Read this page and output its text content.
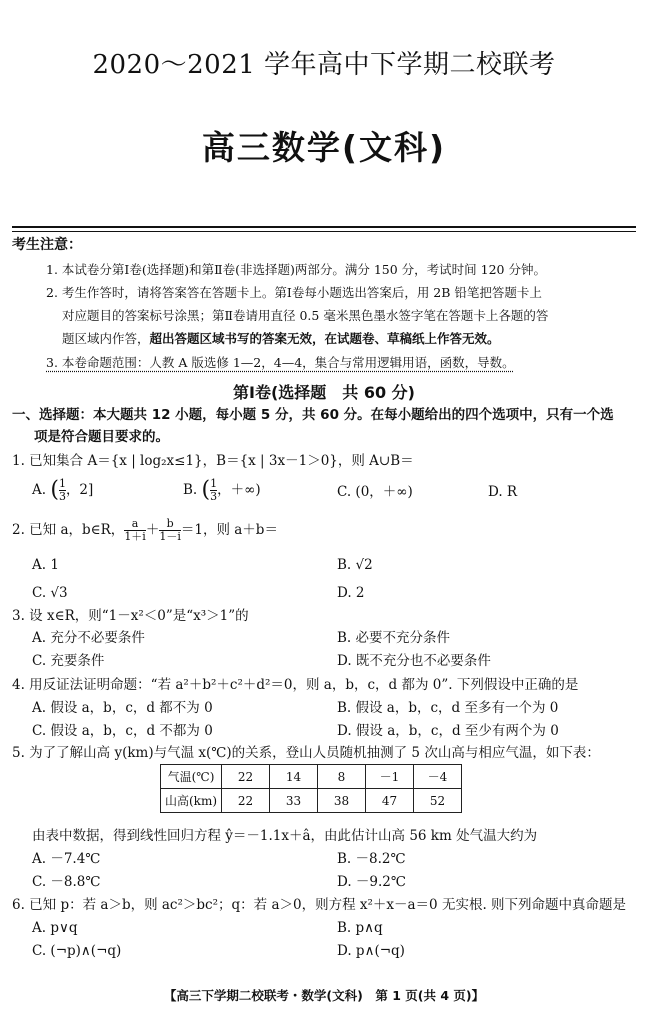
2020～2021 学年高中下学期二校联考
高三数学(文科)
考生注意：
1. 本试卷分第Ⅰ卷(选择题)和第Ⅱ卷(非选择题)两部分。满分 150 分，考试时间 120 分钟。
2. 考生作答时，请将答案答在答题卡上。第Ⅰ卷每小题选出答案后，用 2B 铅笔把答题卡上
对应题目的答案标号涂黑；第Ⅱ卷请用直径 0.5 毫米黑色墨水签字笔在答题卡上各题的答
题区域内作答，超出答题区域书写的答案无效，在试题卷、草稿纸上作答无效。
3. 本卷命题范围：人教 A 版选修 1—2，4—4，集合与常用逻辑用语，函数，导数。
第Ⅰ卷(选择题　共 60 分)
一、选择题：本大题共 12 小题，每小题 5 分，共 60 分。在每小题给出的四个选项中，只有一个选
项是符合题目要求的。
1. 已知集合 A＝{x | log₂x≤1}，B＝{x | 3x－1＞0}，则 A∪B＝
A. ( $\frac{1}{3}$ ，2]	B. ( $\frac{1}{3}$ ，＋∞)	C. (0，＋∞)	D. R
2. 已知 a，b∈R， $\frac{a}{1+i} + \frac{b}{1-i} =1$，则 a＋b＝
A. 1	B. √2
C. √3	D. 2
3. 设 x∈R，则“1－x²＜0”是“x³＞1”的
A. 充分不必要条件	B. 必要不充分条件
C. 充要条件	D. 既不充分也不必要条件
4. 用反证法证明命题：“若 a²＋b²＋c²＋d²＝0，则 a，b，c，d 都为 0”. 下列假设中正确的是
A. 假设 a，b，c，d 都不为 0	B. 假设 a，b，c，d 至多有一个为 0
C. 假设 a，b，c，d 不都为 0	D. 假设 a，b，c，d 至少有两个为 0
5. 为了了解山高 y(km)与气温 x(℃)的关系，登山人员随机抽测了 5 次山高与相应气温，如下表：
气温(℃)	22	14	8	－1	－4
山高(km)	22	33	38	47	52
由表中数据，得到线性回归方程 ŷ＝－1.1x＋â，由此估计山高 56 km 处气温大约为
A. －7.4℃	B. －8.2℃
C. －8.8℃	D. －9.2℃
6. 已知 p：若 a＞b，则 ac²＞bc²；q：若 a＞0，则方程 x²＋x－a＝0 无实根. 则下列命题中真命题是
A. p∨q	B. p∧q
C. (¬p)∧(¬q)	D. p∧(¬q)
【高三下学期二校联考・数学(文科)　第 1 页(共 4 页)】
